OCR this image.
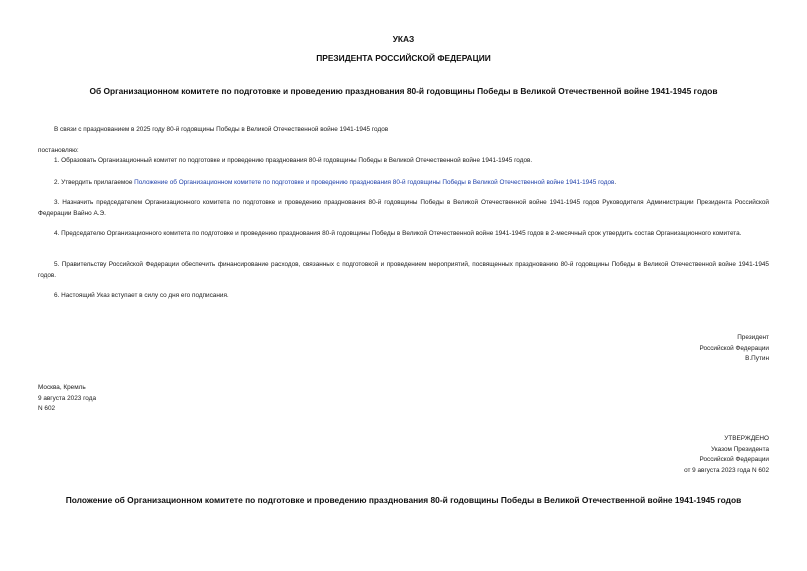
УКАЗ
ПРЕЗИДЕНТА РОССИЙСКОЙ ФЕДЕРАЦИИ
Об Организационном комитете по подготовке и проведению празднования 80-й годовщины Победы в Великой Отечественной войне 1941-1945 годов
В связи с празднованием в 2025 году 80-й годовщины Победы в Великой Отечественной войне 1941-1945 годов
постановляю:
1. Образовать Организационный комитет по подготовке и проведению празднования 80-й годовщины Победы в Великой Отечественной войне 1941-1945 годов.
2. Утвердить прилагаемое Положение об Организационном комитете по подготовке и проведению празднования 80-й годовщины Победы в Великой Отечественной войне 1941-1945 годов.
3. Назначить председателем Организационного комитета по подготовке и проведению празднования 80-й годовщины Победы в Великой Отечественной войне 1941-1945 годов Руководителя Администрации Президента Российской Федерации Вайно А.Э.
4. Председателю Организационного комитета по подготовке и проведению празднования 80-й годовщины Победы в Великой Отечественной войне 1941-1945 годов в 2-месячный срок утвердить состав Организационного комитета.
5. Правительству Российской Федерации обеспечить финансирование расходов, связанных с подготовкой и проведением мероприятий, посвященных празднованию 80-й годовщины Победы в Великой Отечественной войне 1941-1945 годов.
6. Настоящий Указ вступает в силу со дня его подписания.
Президент
Российской Федерации
В.Путин
Москва, Кремль
9 августа 2023 года
N 602
УТВЕРЖДЕНО
Указом Президента
Российской Федерации
от 9 августа 2023 года N 602
Положение об Организационном комитете по подготовке и проведению празднования 80-й годовщины Победы в Великой Отечественной войне 1941-1945 годов
